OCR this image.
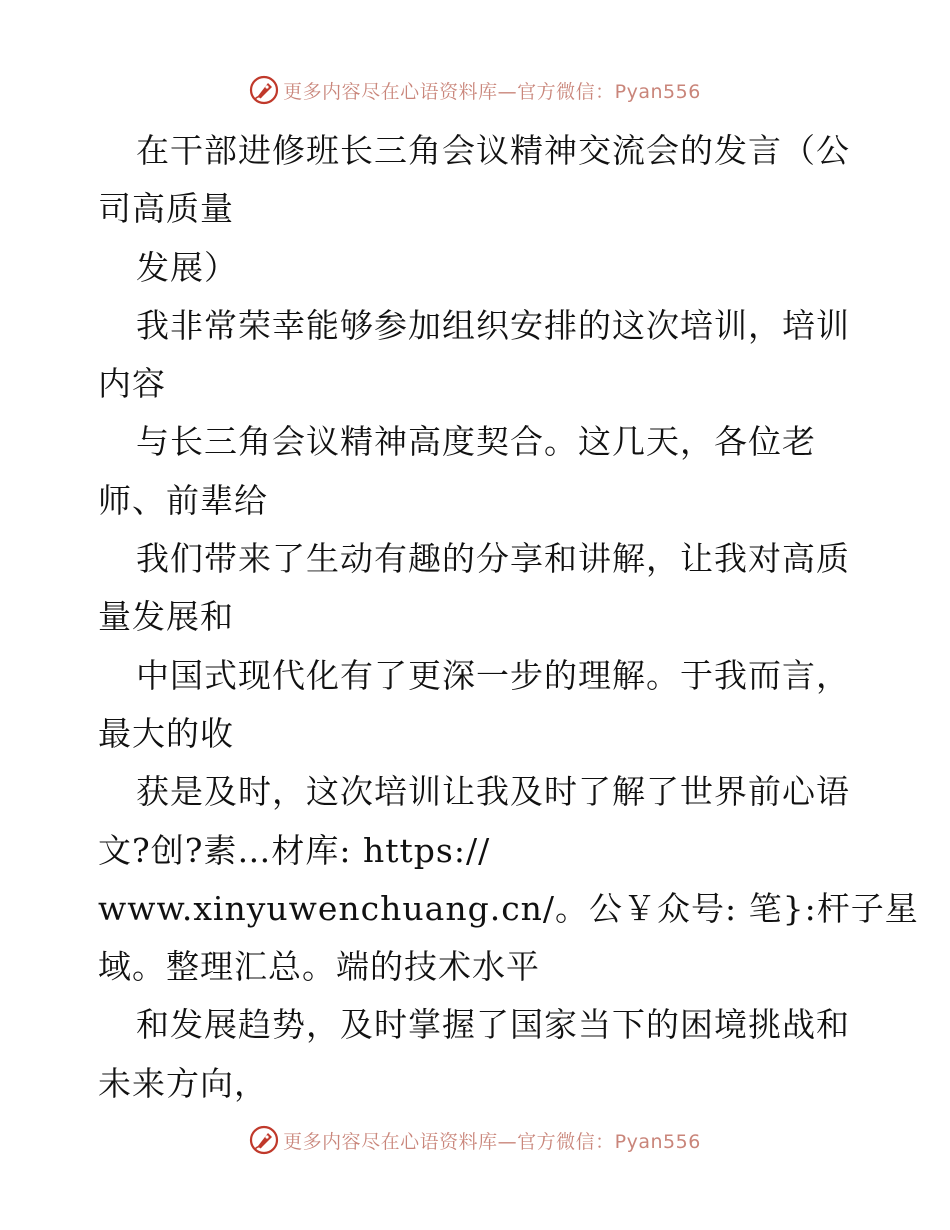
更多内容尽在心语资料库—官方微信：Pyan556
在干部进修班长三角会议精神交流会的发言（公
司高质量
发展）
我非常荣幸能够参加组织安排的这次培训，培训
内容
与长三角会议精神高度契合。这几天，各位老
师、前辈给
我们带来了生动有趣的分享和讲解，让我对高质
量发展和
中国式现代化有了更深一步的理解。于我而言，
最大的收
获是及时，这次培训让我及时了解了世界前心语
文?创?素…材库: https://
www.xinyuwenchuang.cn/。公￥众号: 笔}:杆子星
域。整理汇总。端的技术水平
和发展趋势，及时掌握了国家当下的困境挑战和
未来方向，
更多内容尽在心语资料库—官方微信：Pyan556
